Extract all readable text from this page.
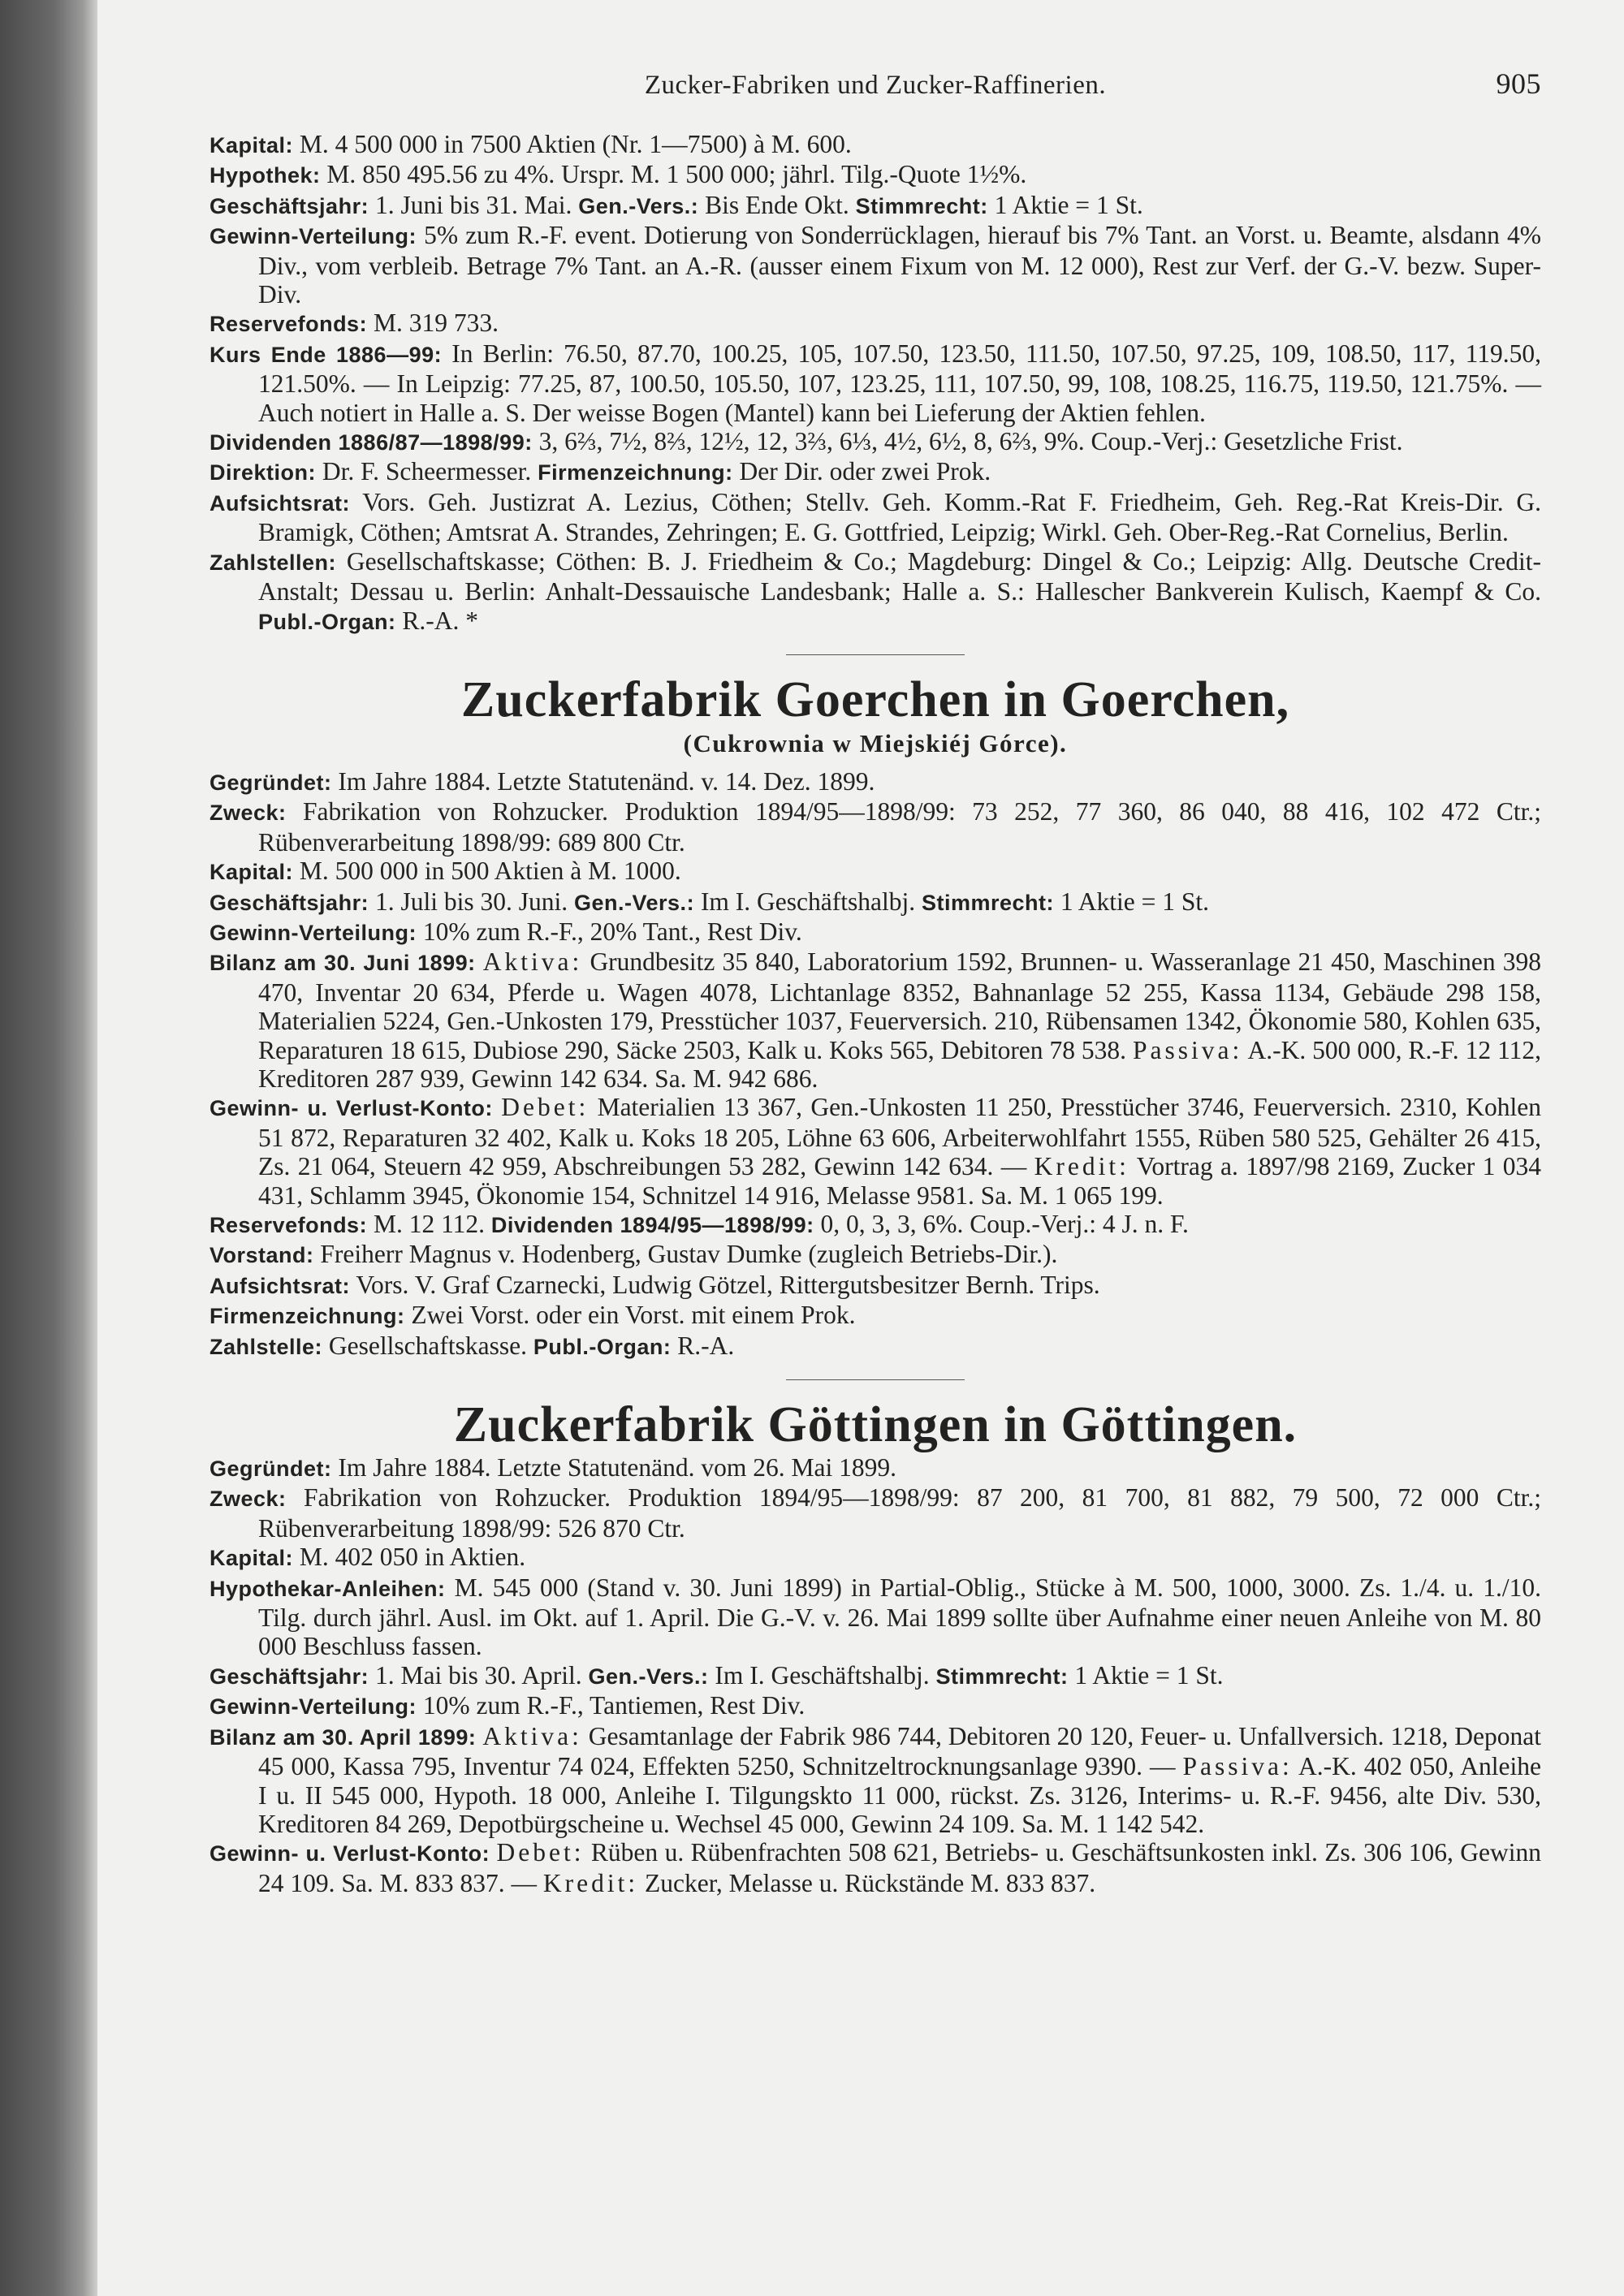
Zucker-Fabriken und Zucker-Raffinerien.	905

Kapital: M. 4 500 000 in 7500 Aktien (Nr. 1—7500) à M. 600.

Hypothek: M. 850 495.56 zu 4%. Urspr. M. 1 500 000; jährl. Tilg.-Quote 1½%.

Geschäftsjahr: 1. Juni bis 31. Mai. Gen.-Vers.: Bis Ende Okt. Stimmrecht: 1 Aktie = 1 St.

Gewinn-Verteilung: 5% zum R.-F. event. Dotierung von Sonderrücklagen, hierauf bis 7% Tant. an Vorst. u. Beamte, alsdann 4% Div., vom verbleib. Betrage 7% Tant. an A.-R. (ausser einem Fixum von M. 12 000), Rest zur Verf. der G.-V. bezw. Super-Div.

Reservefonds: M. 319 733.

Kurs Ende 1886—99: In Berlin: 76.50, 87.70, 100.25, 105, 107.50, 123.50, 111.50, 107.50, 97.25, 109, 108.50, 117, 119.50, 121.50%. — In Leipzig: 77.25, 87, 100.50, 105.50, 107, 123.25, 111, 107.50, 99, 108, 108.25, 116.75, 119.50, 121.75%. — Auch notiert in Halle a. S. Der weisse Bogen (Mantel) kann bei Lieferung der Aktien fehlen.

Dividenden 1886/87—1898/99: 3, 6⅔, 7½, 8⅔, 12½, 12, 3⅔, 6⅓, 4½, 6½, 8, 6⅔, 9%. Coup.-Verj.: Gesetzliche Frist.

Direktion: Dr. F. Scheermesser. Firmenzeichnung: Der Dir. oder zwei Prok.

Aufsichtsrat: Vors. Geh. Justizrat A. Lezius, Cöthen; Stellv. Geh. Komm.-Rat F. Friedheim, Geh. Reg.-Rat Kreis-Dir. G. Bramigk, Cöthen; Amtsrat A. Strandes, Zehringen; E. G. Gottfried, Leipzig; Wirkl. Geh. Ober-Reg.-Rat Cornelius, Berlin.

Zahlstellen: Gesellschaftskasse; Cöthen: B. J. Friedheim & Co.; Magdeburg: Dingel & Co.; Leipzig: Allg. Deutsche Credit-Anstalt; Dessau u. Berlin: Anhalt-Dessauische Landesbank; Halle a. S.: Hallescher Bankverein Kulisch, Kaempf & Co. Publ.-Organ: R.-A. *

Zuckerfabrik Goerchen in Goerchen,
(Cukrownia w Miejskiéj Górce).

Gegründet: Im Jahre 1884. Letzte Statutenänd. v. 14. Dez. 1899.

Zweck: Fabrikation von Rohzucker. Produktion 1894/95—1898/99: 73 252, 77 360, 86 040, 88 416, 102 472 Ctr.; Rübenverarbeitung 1898/99: 689 800 Ctr.

Kapital: M. 500 000 in 500 Aktien à M. 1000.

Geschäftsjahr: 1. Juli bis 30. Juni. Gen.-Vers.: Im I. Geschäftshalbj. Stimmrecht: 1 Aktie = 1 St.

Gewinn-Verteilung: 10% zum R.-F., 20% Tant., Rest Div.

Bilanz am 30. Juni 1899: Aktiva: Grundbesitz 35 840, Laboratorium 1592, Brunnen- u. Wasseranlage 21 450, Maschinen 398 470, Inventar 20 634, Pferde u. Wagen 4078, Lichtanlage 8352, Bahnanlage 52 255, Kassa 1134, Gebäude 298 158, Materialien 5224, Gen.-Unkosten 179, Presstücher 1037, Feuerversich. 210, Rübensamen 1342, Ökonomie 580, Kohlen 635, Reparaturen 18 615, Dubiose 290, Säcke 2503, Kalk u. Koks 565, Debitoren 78 538. Passiva: A.-K. 500 000, R.-F. 12 112, Kreditoren 287 939, Gewinn 142 634. Sa. M. 942 686.

Gewinn- u. Verlust-Konto: Debet: Materialien 13 367, Gen.-Unkosten 11 250, Presstücher 3746, Feuerversich. 2310, Kohlen 51 872, Reparaturen 32 402, Kalk u. Koks 18 205, Löhne 63 606, Arbeiterwohlfahrt 1555, Rüben 580 525, Gehälter 26 415, Zs. 21 064, Steuern 42 959, Abschreibungen 53 282, Gewinn 142 634. — Kredit: Vortrag a. 1897/98 2169, Zucker 1 034 431, Schlamm 3945, Ökonomie 154, Schnitzel 14 916, Melasse 9581. Sa. M. 1 065 199.

Reservefonds: M. 12 112. Dividenden 1894/95—1898/99: 0, 0, 3, 3, 6%. Coup.-Verj.: 4 J. n. F.

Vorstand: Freiherr Magnus v. Hodenberg, Gustav Dumke (zugleich Betriebs-Dir.).

Aufsichtsrat: Vors. V. Graf Czarnecki, Ludwig Götzel, Rittergutsbesitzer Bernh. Trips.

Firmenzeichnung: Zwei Vorst. oder ein Vorst. mit einem Prok.

Zahlstelle: Gesellschaftskasse. Publ.-Organ: R.-A.

Zuckerfabrik Göttingen in Göttingen.

Gegründet: Im Jahre 1884. Letzte Statutenänd. vom 26. Mai 1899.

Zweck: Fabrikation von Rohzucker. Produktion 1894/95—1898/99: 87 200, 81 700, 81 882, 79 500, 72 000 Ctr.; Rübenverarbeitung 1898/99: 526 870 Ctr.

Kapital: M. 402 050 in Aktien.

Hypothekar-Anleihen: M. 545 000 (Stand v. 30. Juni 1899) in Partial-Oblig., Stücke à M. 500, 1000, 3000. Zs. 1./4. u. 1./10. Tilg. durch jährl. Ausl. im Okt. auf 1. April. Die G.-V. v. 26. Mai 1899 sollte über Aufnahme einer neuen Anleihe von M. 80 000 Beschluss fassen.

Geschäftsjahr: 1. Mai bis 30. April. Gen.-Vers.: Im I. Geschäftshalbj. Stimmrecht: 1 Aktie = 1 St.

Gewinn-Verteilung: 10% zum R.-F., Tantiemen, Rest Div.

Bilanz am 30. April 1899: Aktiva: Gesamtanlage der Fabrik 986 744, Debitoren 20 120, Feuer- u. Unfallversich. 1218, Deponat 45 000, Kassa 795, Inventur 74 024, Effekten 5250, Schnitzeltrocknungsanlage 9390. — Passiva: A.-K. 402 050, Anleihe I u. II 545 000, Hypoth. 18 000, Anleihe I. Tilgungskto 11 000, rückst. Zs. 3126, Interims- u. R.-F. 9456, alte Div. 530, Kreditoren 84 269, Depotbürgscheine u. Wechsel 45 000, Gewinn 24 109. Sa. M. 1 142 542.

Gewinn- u. Verlust-Konto: Debet: Rüben u. Rübenfrachten 508 621, Betriebs- u. Geschäftsunkosten inkl. Zs. 306 106, Gewinn 24 109. Sa. M. 833 837. — Kredit: Zucker, Melasse u. Rückstände M. 833 837.
